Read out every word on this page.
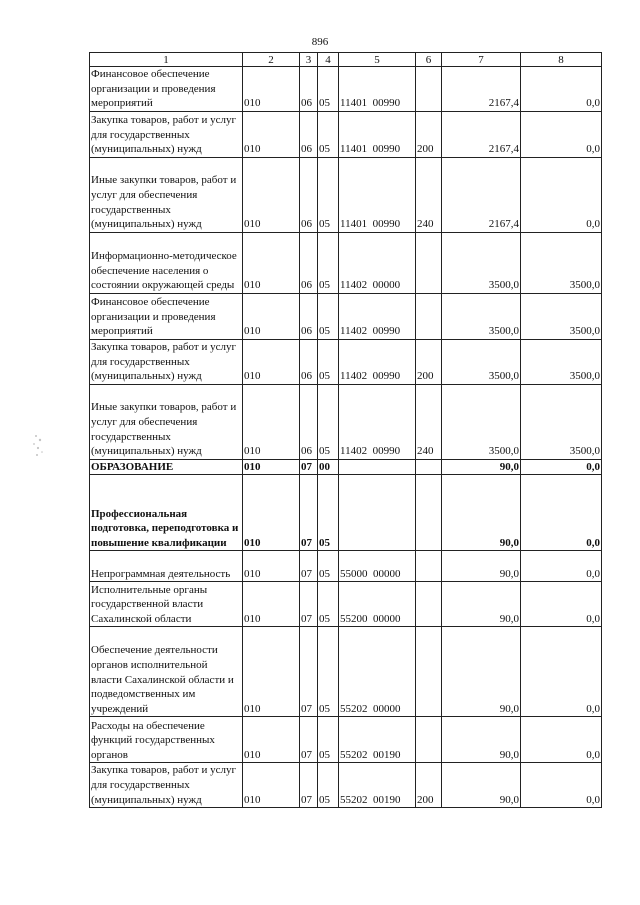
896
1	2	3	4	5	6	7	8
Финансовое обеспечение организации и проведения мероприятий	010	06	05	11401  00990		2167,4	0,0
Закупка товаров, работ и услуг для государственных (муниципальных) нужд	010	06	05	11401  00990	200	2167,4	0,0
Иные закупки товаров, работ и услуг для обеспечения государственных (муниципальных) нужд	010	06	05	11401  00990	240	2167,4	0,0
Информационно-методическое обеспечение населения о состоянии окружающей среды	010	06	05	11402  00000		3500,0	3500,0
Финансовое обеспечение организации и проведения мероприятий	010	06	05	11402  00990		3500,0	3500,0
Закупка товаров, работ и услуг для государственных (муниципальных) нужд	010	06	05	11402  00990	200	3500,0	3500,0
Иные закупки товаров, работ и услуг для обеспечения государственных (муниципальных) нужд	010	06	05	11402  00990	240	3500,0	3500,0
ОБРАЗОВАНИЕ	010	07	00			90,0	0,0
Профессиональная подготовка, переподготовка и повышение квалификации	010	07	05			90,0	0,0
Непрограммная деятельность	010	07	05	55000  00000		90,0	0,0
Исполнительные органы государственной власти Сахалинской области	010	07	05	55200  00000		90,0	0,0
Обеспечение деятельности органов исполнительной власти Сахалинской области и подведомственных им учреждений	010	07	05	55202  00000		90,0	0,0
Расходы на обеспечение функций государственных органов	010	07	05	55202  00190		90,0	0,0
Закупка товаров, работ и услуг для государственных (муниципальных) нужд	010	07	05	55202  00190	200	90,0	0,0
